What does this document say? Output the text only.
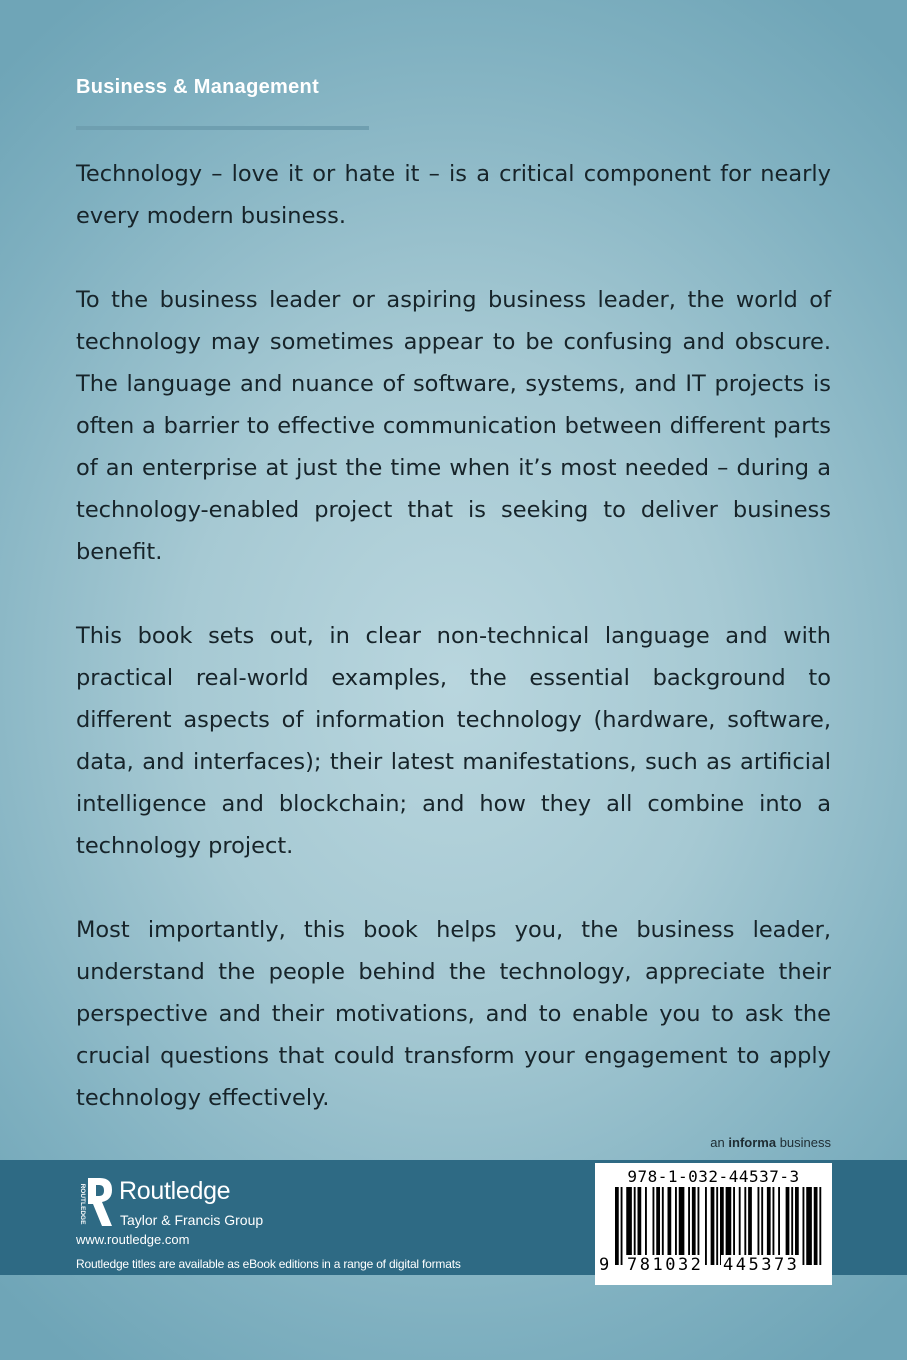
Business & Management

Technology – love it or hate it – is a critical component for nearly every modern business.

To the business leader or aspiring business leader, the world of technology may sometimes appear to be confusing and obscure. The language and nuance of software, systems, and IT projects is often a barrier to effective communication between different parts of an enterprise at just the time when it’s most needed – during a technology-enabled project that is seeking to deliver business benefit.

This book sets out, in clear non-technical language and with practical real-world examples, the essential background to different aspects of information technology (hardware, software, data, and interfaces); their latest manifestations, such as artificial intelligence and blockchain; and how they all combine into a technology project.

Most importantly, this book helps you, the business leader, understand the people behind the technology, appreciate their perspective and their motivations, and to enable you to ask the crucial questions that could transform your engagement to apply technology effectively.

an informa business
ROUTLEDGE Routledge
Taylor & Francis Group
www.routledge.com
Routledge titles are available as eBook editions in a range of digital formats
978-1-032-44537-3
9 781032 445373
